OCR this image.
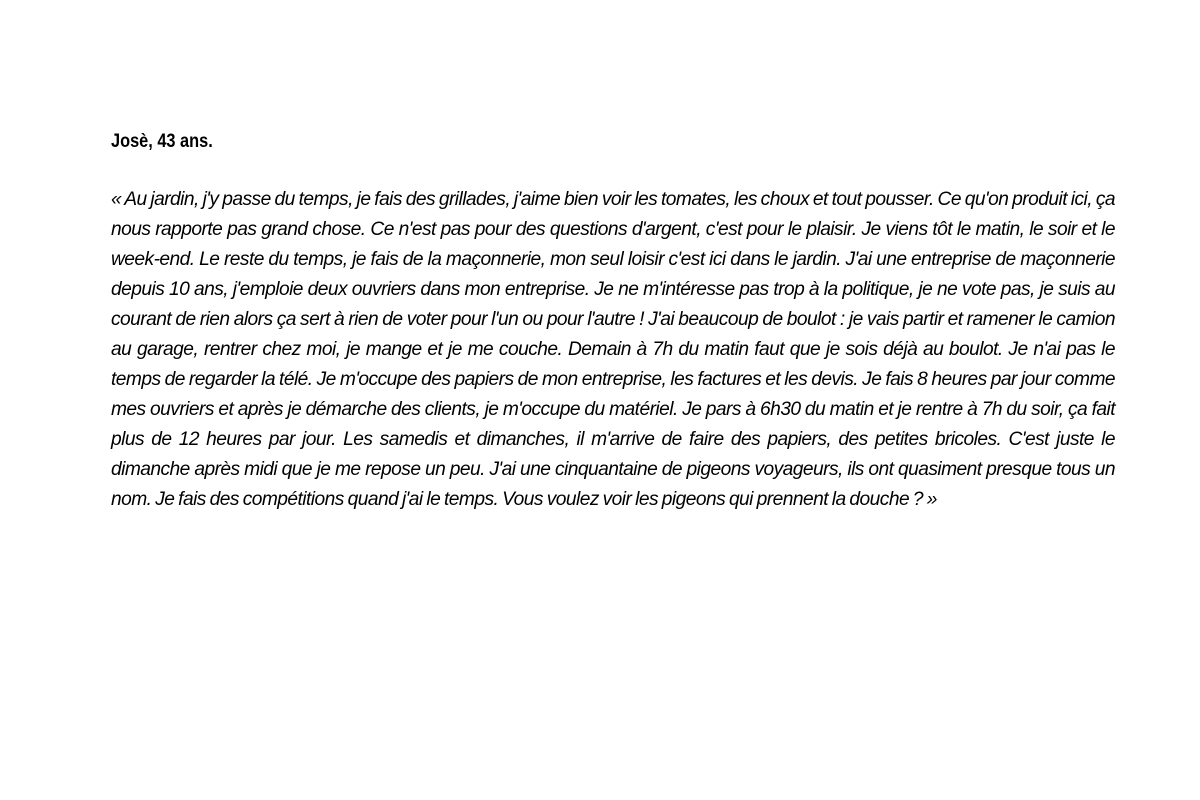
Josè, 43 ans.

« Au jardin, j'y passe du temps, je fais des grillades, j'aime bien voir les tomates, les choux et tout pousser. Ce qu'on produit ici, ça nous rapporte pas grand chose. Ce n'est pas pour des questions d'argent, c'est pour le plaisir. Je viens tôt le matin, le soir et le week-end. Le reste du temps, je fais de la maçonnerie, mon seul loisir c'est ici dans le jardin. J'ai une entreprise de maçonnerie depuis 10 ans, j'emploie deux ouvriers dans mon entreprise. Je ne m'intéresse pas trop à la politique, je ne vote pas, je suis au courant de rien alors ça sert à rien de voter pour l'un ou pour l'autre ! J'ai beaucoup de boulot : je vais partir et ramener le camion au garage, rentrer chez moi, je mange et je me couche. Demain à 7h du matin faut que je sois déjà au boulot. Je n'ai pas le temps de regarder la télé. Je m'occupe des papiers de mon entreprise, les factures et les devis. Je fais 8 heures par jour comme mes ouvriers et après je démarche des clients, je m'occupe du matériel. Je pars à 6h30 du matin et je rentre à 7h du soir, ça fait plus de 12 heures par jour. Les samedis et dimanches, il m'arrive de faire des papiers, des petites bricoles. C'est juste le dimanche après midi que je me repose un peu. J'ai une cinquantaine de pigeons voyageurs, ils ont quasiment presque tous un nom. Je fais des compétitions quand j'ai le temps. Vous voulez voir les pigeons qui prennent la douche ? »
